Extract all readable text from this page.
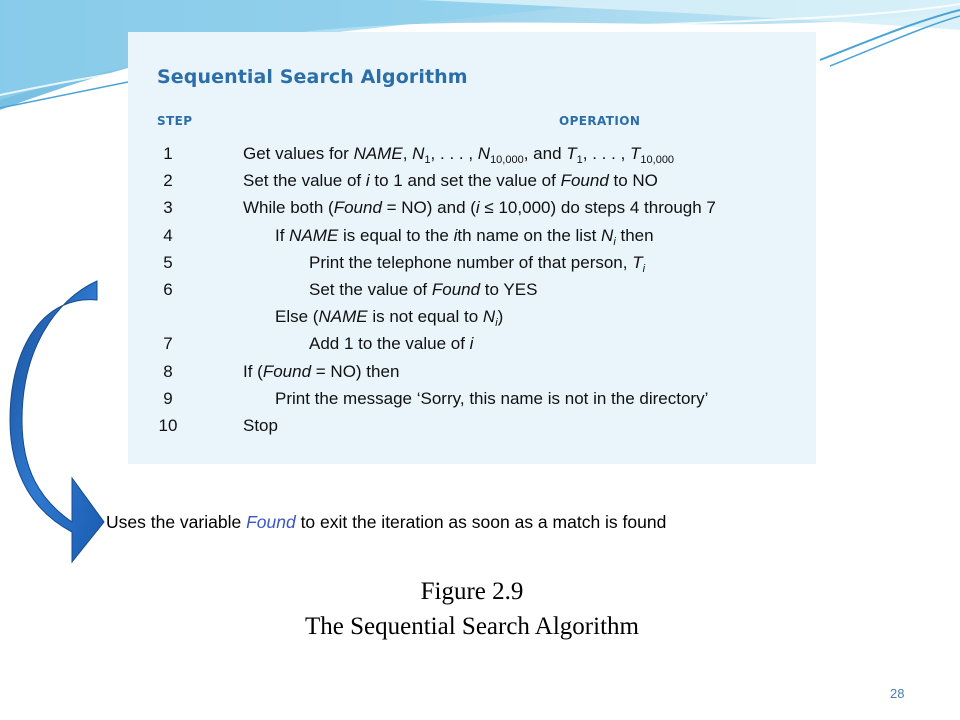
Sequential Search Algorithm
STEP	OPERATION
1	Get values for NAME, $N_1$, . . . , $N_{10,000}$, and $T_1$, . . . , $T_{10,000}$
2	Set the value of i to 1 and set the value of Found to NO
3	While both (Found = NO) and (i ≤ 10,000) do steps 4 through 7
4	If NAME is equal to the ith name on the list $N_i$ then
5	Print the telephone number of that person, $T_i$
6	Set the value of Found to YES
Else (NAME is not equal to $N_i$)
7	Add 1 to the value of i
8	If (Found = NO) then
9	Print the message ‘Sorry, this name is not in the directory’
10	Stop
Uses the variable Found to exit the iteration as soon as a match is found
Figure 2.9
The Sequential Search Algorithm
28
